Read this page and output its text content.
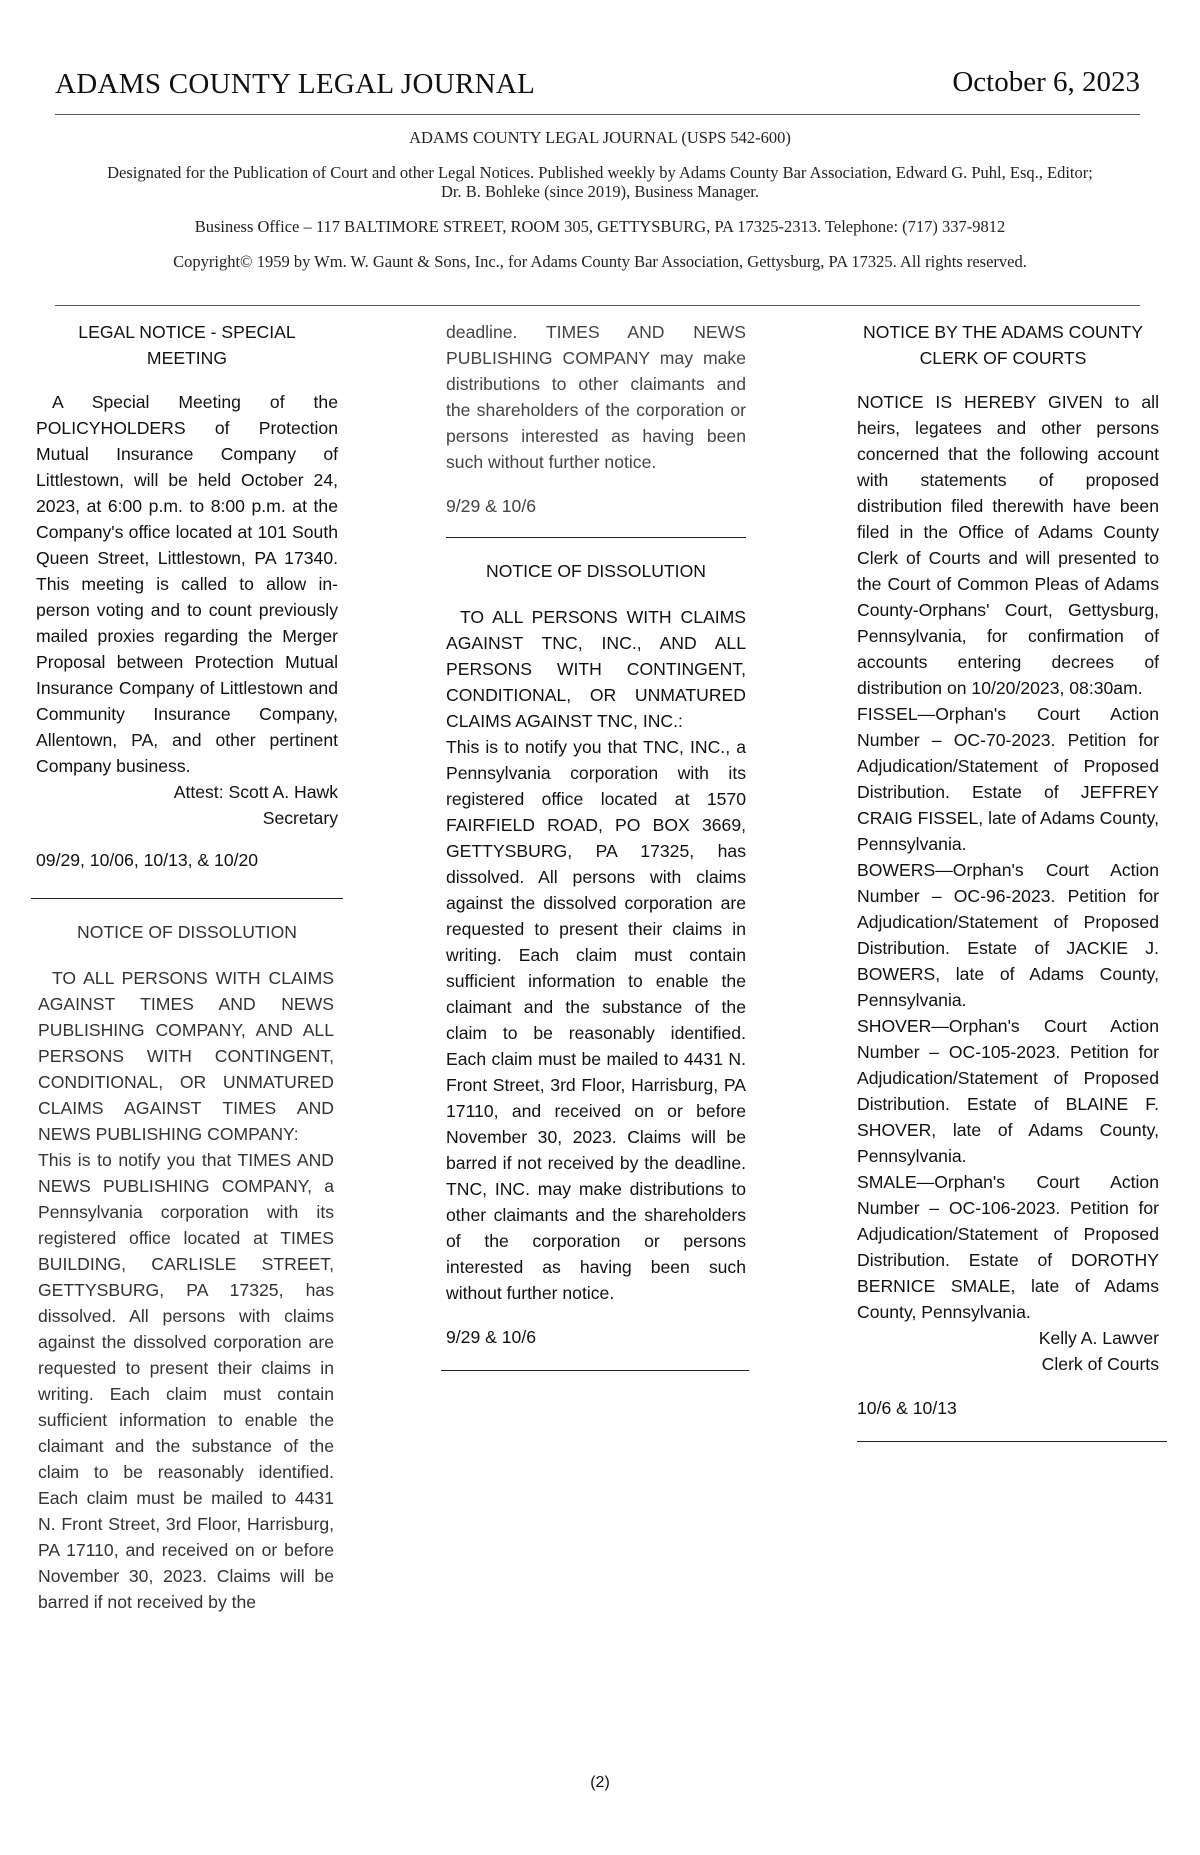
ADAMS COUNTY LEGAL JOURNAL	October 6, 2023

ADAMS COUNTY LEGAL JOURNAL (USPS 542-600)

Designated for the Publication of Court and other Legal Notices. Published weekly by Adams County Bar Association, Edward G. Puhl, Esq., Editor; Dr. B. Bohleke (since 2019), Business Manager.

Business Office – 117 BALTIMORE STREET, ROOM 305, GETTYSBURG, PA 17325-2313. Telephone: (717) 337-9812

Copyright© 1959 by Wm. W. Gaunt & Sons, Inc., for Adams County Bar Association, Gettysburg, PA 17325. All rights reserved.

LEGAL NOTICE - SPECIAL MEETING

A Special Meeting of the POLICYHOLDERS of Protection Mutual Insurance Company of Littlestown, will be held October 24, 2023, at 6:00 p.m. to 8:00 p.m. at the Company's office located at 101 South Queen Street, Littlestown, PA 17340. This meeting is called to allow in-person voting and to count previously mailed proxies regarding the Merger Proposal between Protection Mutual Insurance Company of Littlestown and Community Insurance Company, Allentown, PA, and other pertinent Company business.

Attest: Scott A. Hawk

Secretary

09/29, 10/06, 10/13, & 10/20

NOTICE OF DISSOLUTION

TO ALL PERSONS WITH CLAIMS AGAINST TIMES AND NEWS PUBLISHING COMPANY, AND ALL PERSONS WITH CONTINGENT, CONDITIONAL, OR UNMATURED CLAIMS AGAINST TIMES AND NEWS PUBLISHING COMPANY:

This is to notify you that TIMES AND NEWS PUBLISHING COMPANY, a Pennsylvania corporation with its registered office located at TIMES BUILDING, CARLISLE STREET, GETTYSBURG, PA 17325, has dissolved. All persons with claims against the dissolved corporation are requested to present their claims in writing. Each claim must contain sufficient information to enable the claimant and the substance of the claim to be reasonably identified. Each claim must be mailed to 4431 N. Front Street, 3rd Floor, Harrisburg, PA 17110, and received on or before November 30, 2023. Claims will be barred if not received by the

deadline. TIMES AND NEWS PUBLISHING COMPANY may make distributions to other claimants and the shareholders of the corporation or persons interested as having been such without further notice.

9/29 & 10/6

NOTICE OF DISSOLUTION

TO ALL PERSONS WITH CLAIMS AGAINST TNC, INC., AND ALL PERSONS WITH CONTINGENT, CONDITIONAL, OR UNMATURED CLAIMS AGAINST TNC, INC.:

This is to notify you that TNC, INC., a Pennsylvania corporation with its registered office located at 1570 FAIRFIELD ROAD, PO BOX 3669, GETTYSBURG, PA 17325, has dissolved. All persons with claims against the dissolved corporation are requested to present their claims in writing. Each claim must contain sufficient information to enable the claimant and the substance of the claim to be reasonably identified. Each claim must be mailed to 4431 N. Front Street, 3rd Floor, Harrisburg, PA 17110, and received on or before November 30, 2023. Claims will be barred if not received by the deadline. TNC, INC. may make distributions to other claimants and the shareholders of the corporation or persons interested as having been such without further notice.

9/29 & 10/6

NOTICE BY THE ADAMS COUNTY CLERK OF COURTS

NOTICE IS HEREBY GIVEN to all heirs, legatees and other persons concerned that the following account with statements of proposed distribution filed therewith have been filed in the Office of Adams County Clerk of Courts and will presented to the Court of Common Pleas of Adams County-Orphans' Court, Gettysburg, Pennsylvania, for confirmation of accounts entering decrees of distribution on 10/20/2023, 08:30am.

FISSEL—Orphan's Court Action Number – OC-70-2023. Petition for Adjudication/Statement of Proposed Distribution. Estate of JEFFREY CRAIG FISSEL, late of Adams County, Pennsylvania.

BOWERS—Orphan's Court Action Number – OC-96-2023. Petition for Adjudication/Statement of Proposed Distribution. Estate of JACKIE J. BOWERS, late of Adams County, Pennsylvania.

SHOVER—Orphan's Court Action Number – OC-105-2023. Petition for Adjudication/Statement of Proposed Distribution. Estate of BLAINE F. SHOVER, late of Adams County, Pennsylvania.

SMALE—Orphan's Court Action Number – OC-106-2023. Petition for Adjudication/Statement of Proposed Distribution. Estate of DOROTHY BERNICE SMALE, late of Adams County, Pennsylvania.

Kelly A. Lawver

Clerk of Courts

10/6 & 10/13

(2)
